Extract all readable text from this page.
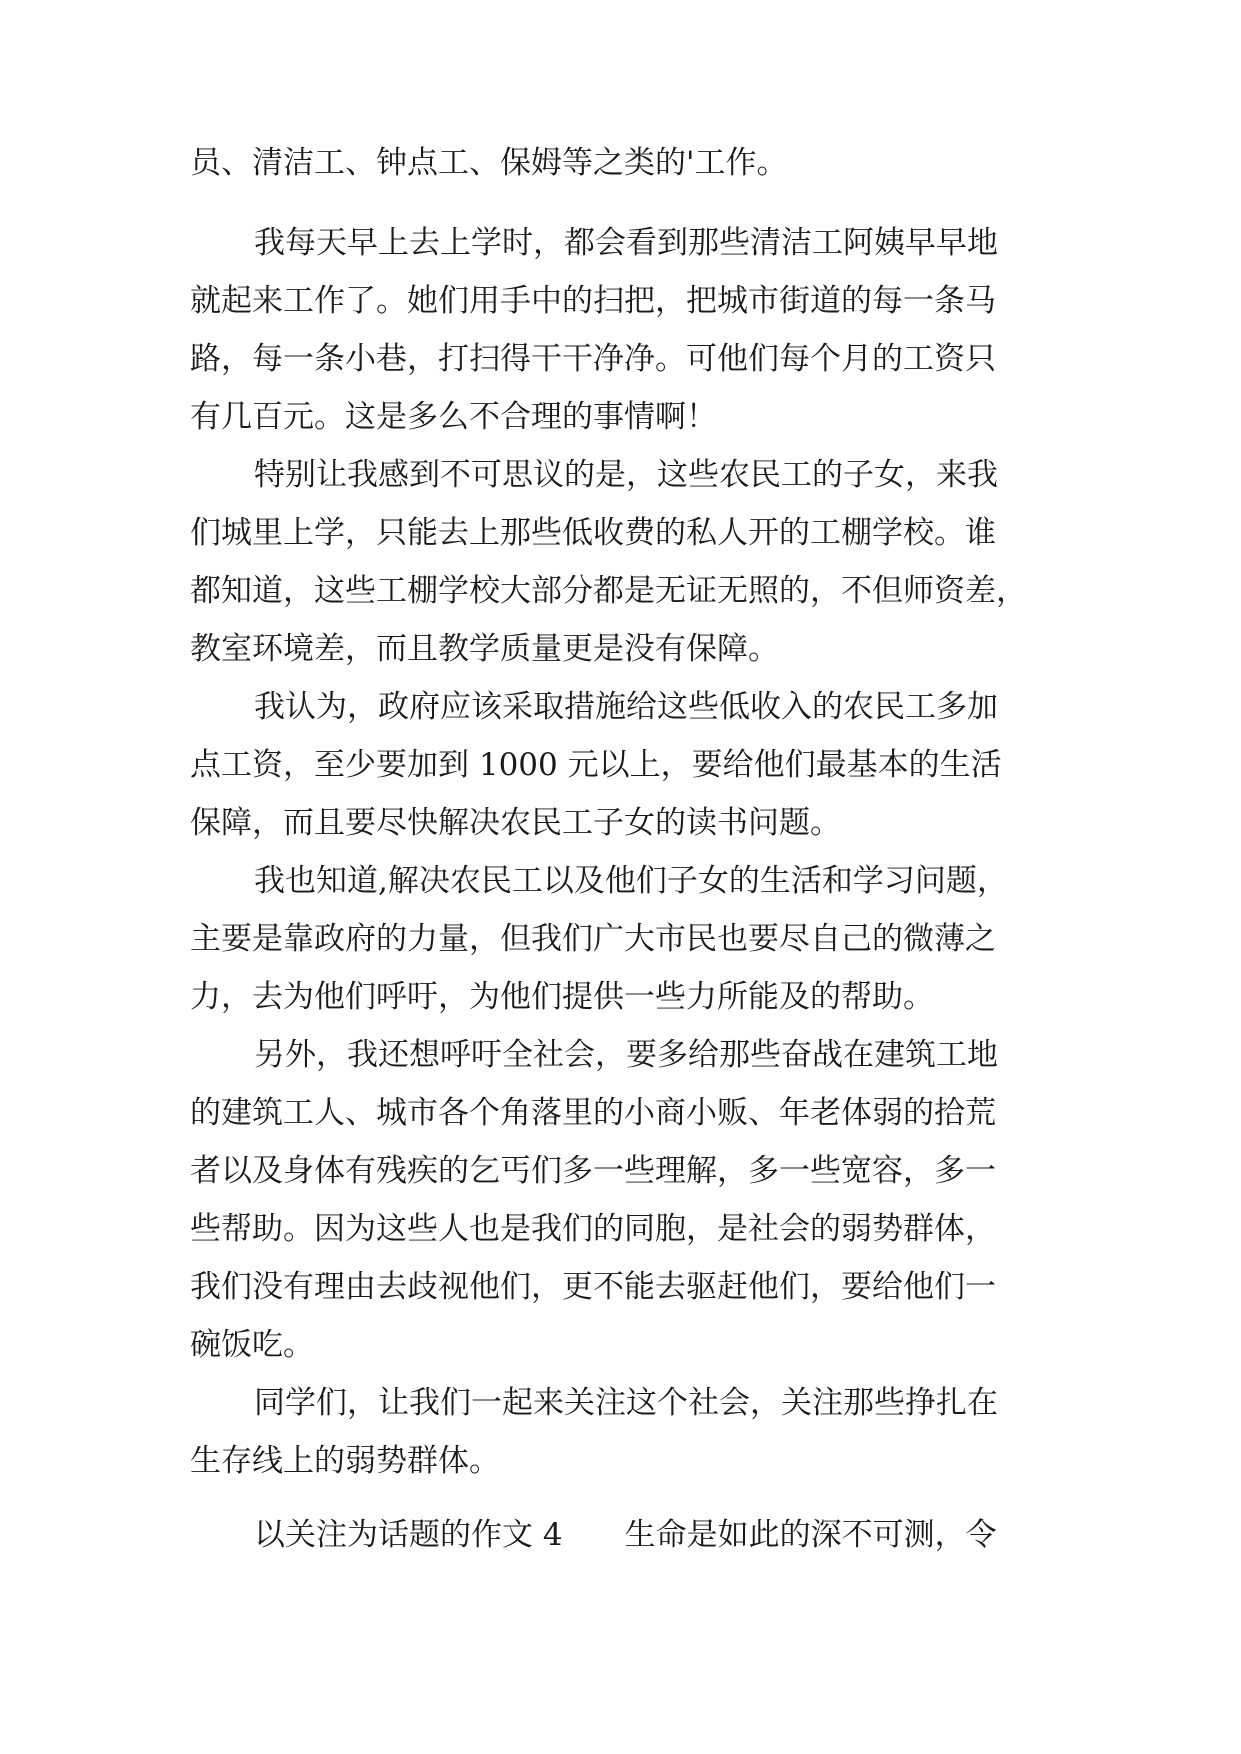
员、清洁工、钟点工、保姆等之类的'工作。
我每天早上去上学时，都会看到那些清洁工阿姨早早地
就起来工作了。她们用手中的扫把，把城市街道的每一条马
路，每一条小巷，打扫得干干净净。可他们每个月的工资只
有几百元。这是多么不合理的事情啊！
特别让我感到不可思议的是，这些农民工的子女，来我
们城里上学，只能去上那些低收费的私人开的工棚学校。谁
都知道，这些工棚学校大部分都是无证无照的，不但师资差，
教室环境差，而且教学质量更是没有保障。
我认为，政府应该采取措施给这些低收入的农民工多加
点工资，至少要加到 1000 元以上，要给他们最基本的生活
保障，而且要尽快解决农民工子女的读书问题。
我也知道,解决农民工以及他们子女的生活和学习问题，
主要是靠政府的力量，但我们广大市民也要尽自己的微薄之
力，去为他们呼吁，为他们提供一些力所能及的帮助。
另外，我还想呼吁全社会，要多给那些奋战在建筑工地
的建筑工人、城市各个角落里的小商小贩、年老体弱的拾荒
者以及身体有残疾的乞丐们多一些理解，多一些宽容，多一
些帮助。因为这些人也是我们的同胞，是社会的弱势群体，
我们没有理由去歧视他们，更不能去驱赶他们，要给他们一
碗饭吃。
同学们，让我们一起来关注这个社会，关注那些挣扎在
生存线上的弱势群体。
以关注为话题的作文 4　　生命是如此的深不可测，令
